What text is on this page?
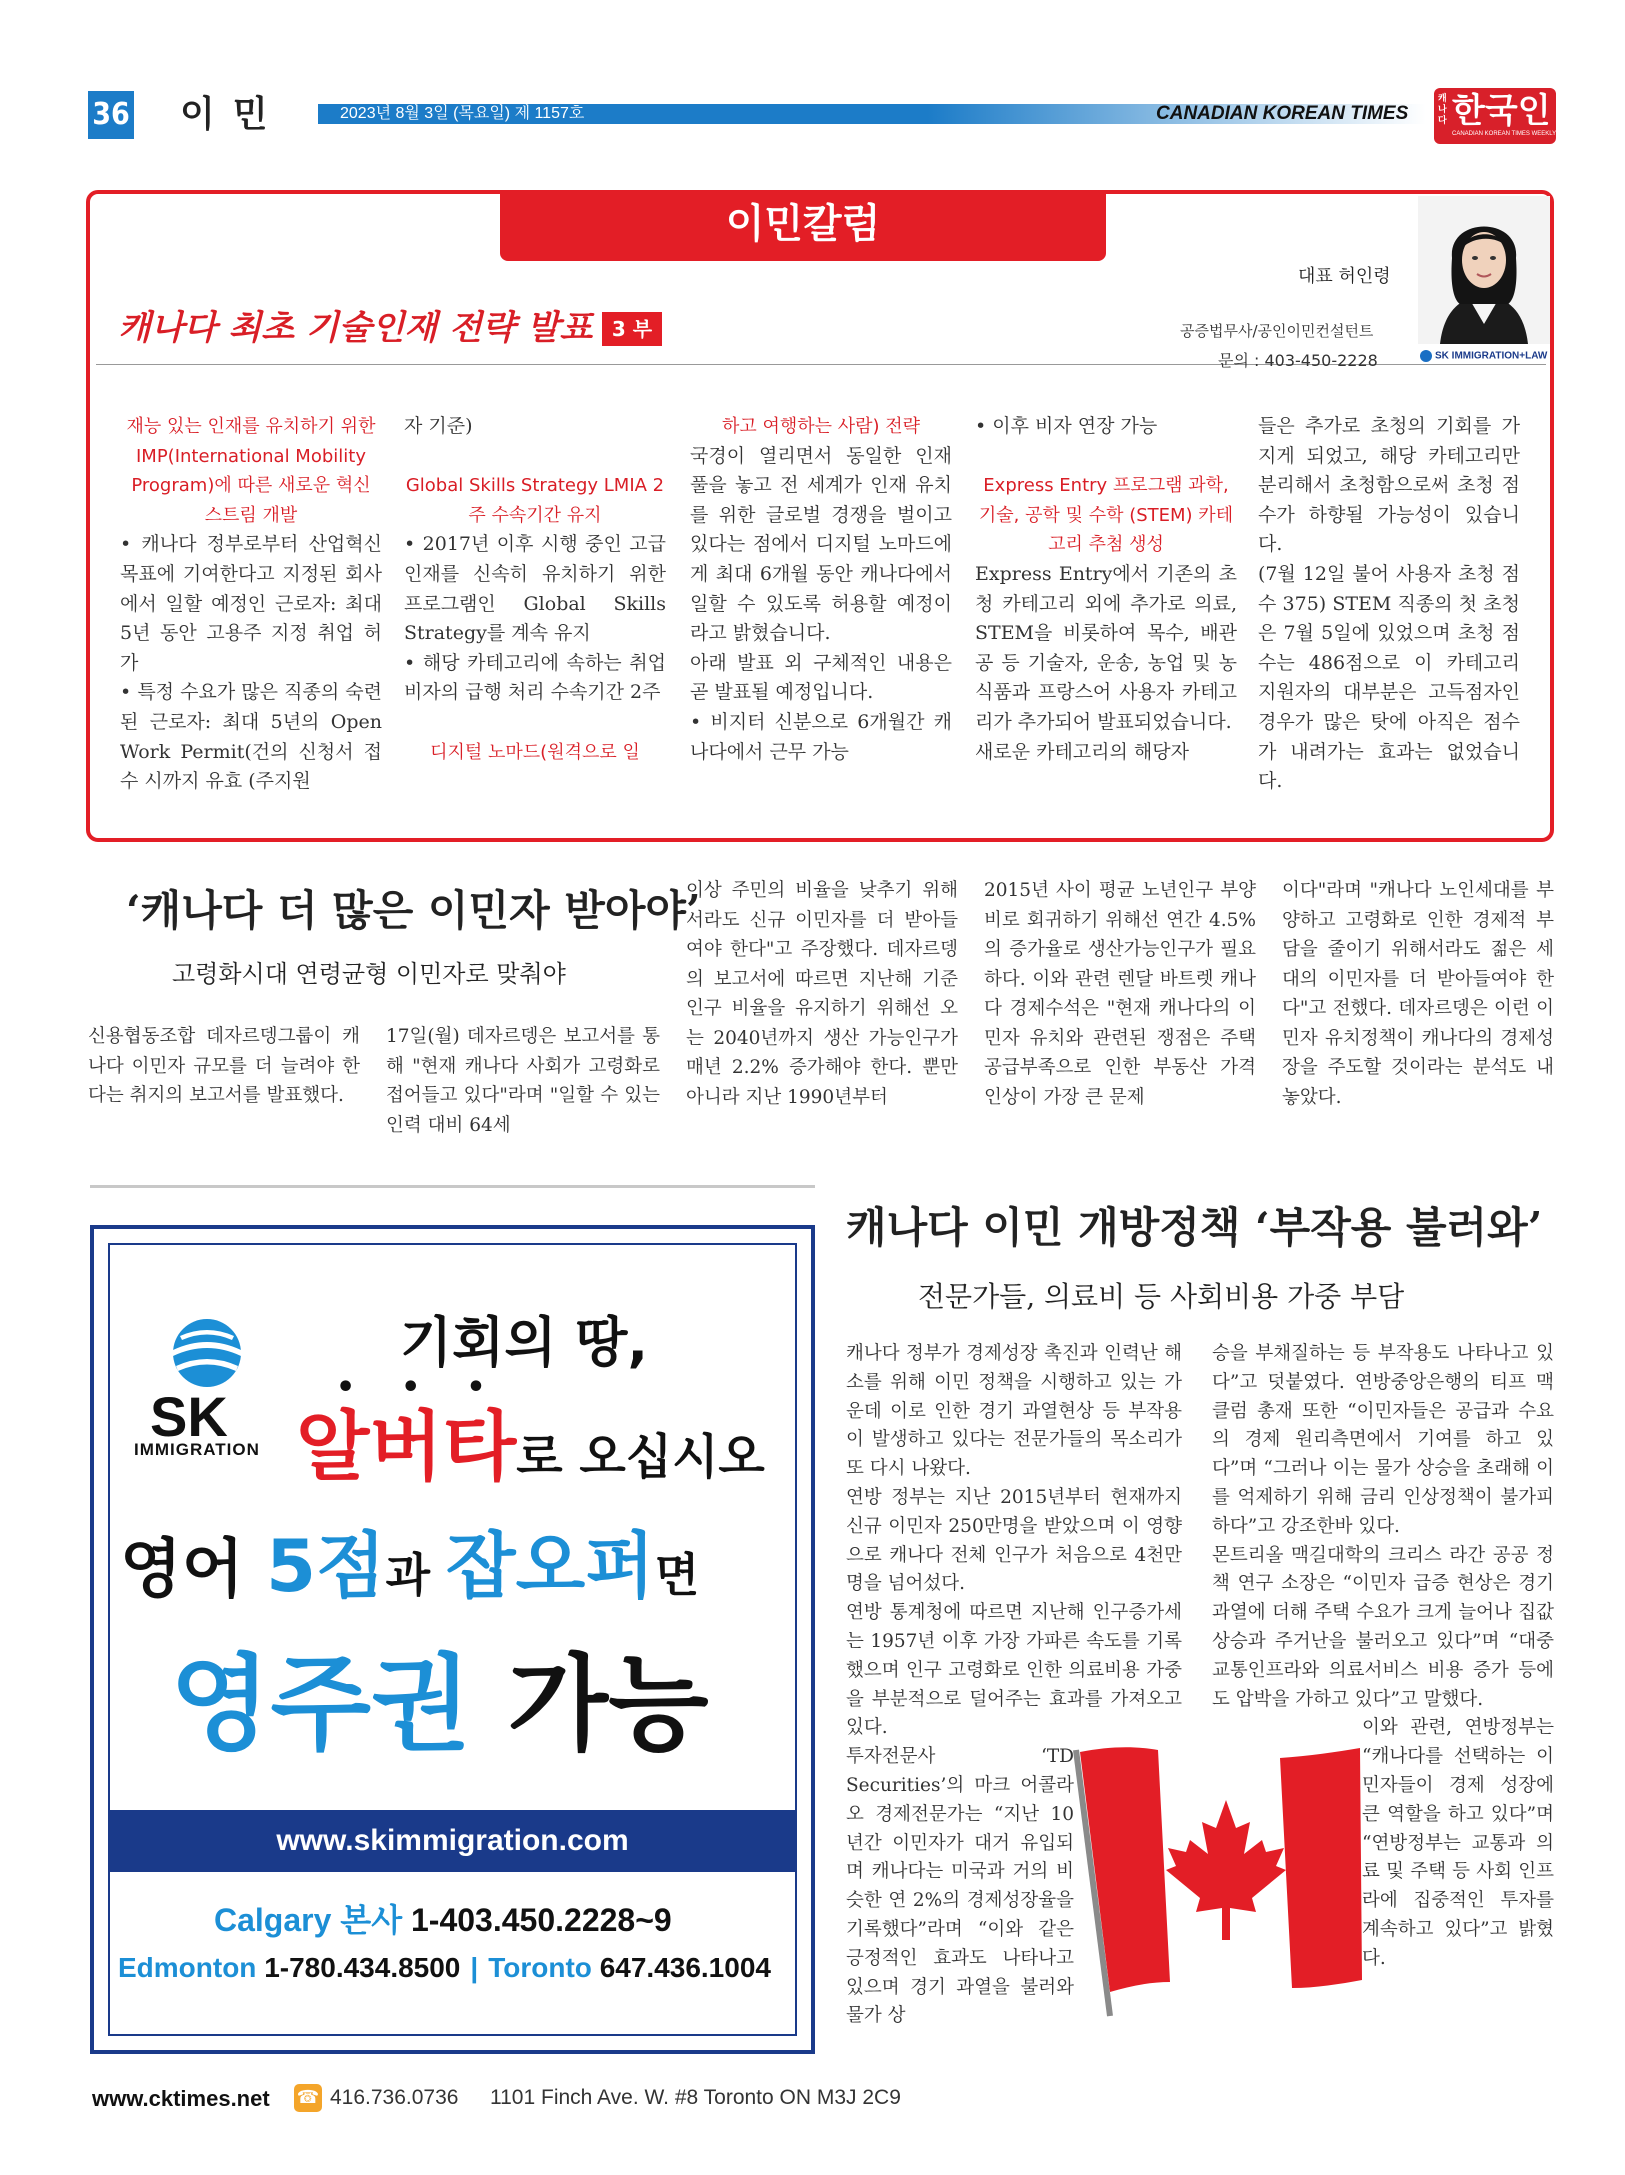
36 이민	2023년 8월 3일 (목요일) 제 1157호	CANADIAN KOREAN TIMES
캐나다 한국인
CANADIAN KOREAN TIMES WEEKLY
이민칼럼
캐나다 최초 기술인재 전략 발표 3 부
대표 허인령
공증법무사/공인이민컨설턴트
문의 : 403-450-2228	SK IMMIGRATION+LAW

재능 있는 인재를 유치하기 위한 IMP(International Mobility Program)에 따른 새로운 혁신 스트림 개발

• 캐나다 정부로부터 산업혁신 목표에 기여한다고 지정된 회사에서 일할 예정인 근로자: 최대 5년 동안 고용주 지정 취업 허가

• 특정 수요가 많은 직종의 숙련된 근로자: 최대 5년의 Open Work Permit(건의 신청서 접수 시까지 유효 (주지원

자 기준)

Global Skills Strategy LMIA 2주 수속기간 유지

• 2017년 이후 시행 중인 고급 인재를 신속히 유치하기 위한 프로그램인 Global Skills Strategy를 계속 유지

• 해당 카테고리에 속하는 취업 비자의 급행 처리 수속기간 2주

디지털 노마드(원격으로 일

하고 여행하는 사람) 전략

국경이 열리면서 동일한 인재 풀을 놓고 전 세계가 인재 유치를 위한 글로벌 경쟁을 벌이고 있다는 점에서 디지털 노마드에게 최대 6개월 동안 캐나다에서 일할 수 있도록 허용할 예정이라고 밝혔습니다.

아래 발표 외 구체적인 내용은 곧 발표될 예정입니다.

• 비지터 신분으로 6개월간 캐나다에서 근무 가능

• 이후 비자 연장 가능

Express Entry 프로그램 과학, 기술, 공학 및 수학 (STEM) 카테고리 추첨 생성

Express Entry에서 기존의 초청 카테고리 외에 추가로 의료, STEM을 비롯하여 목수, 배관공 등 기술자, 운송, 농업 및 농식품과 프랑스어 사용자 카테고리가 추가되어 발표되었습니다.

새로운 카테고리의 해당자

들은 추가로 초청의 기회를 가지게 되었고, 해당 카테고리만 분리해서 초청함으로써 초청 점수가 하향될 가능성이 있습니다.

(7월 12일 불어 사용자 초청 점수 375) STEM 직종의 첫 초청은 7월 5일에 있었으며 초청 점수는 486점으로 이 카테고리 지원자의 대부분은 고득점자인 경우가 많은 탓에 아직은 점수가 내려가는 효과는 없었습니다.

‘캐나다 더 많은 이민자 받아야’
고령화시대 연령균형 이민자로 맞춰야
신용협동조합 데자르뎅그룹이 캐나다 이민자 규모를 더 늘려야 한다는 취지의 보고서를 발표했다.
17일(월) 데자르뎅은 보고서를 통해 "현재 캐나다 사회가 고령화로 접어들고 있다"라며 "일할 수 있는 인력 대비 64세
이상 주민의 비율을 낮추기 위해서라도 신규 이민자를 더 받아들여야 한다"고 주장했다. 데자르뎅의 보고서에 따르면 지난해 기준 인구 비율을 유지하기 위해선 오는 2040년까지 생산 가능인구가 매년 2.2% 증가해야 한다. 뿐만 아니라 지난 1990년부터
2015년 사이 평균 노년인구 부양비로 회귀하기 위해선 연간 4.5%의 증가율로 생산가능인구가 필요하다. 이와 관련 렌달 바트렛 캐나다 경제수석은 "현재 캐나다의 이민자 유치와 관련된 쟁점은 주택 공급부족으로 인한 부동산 가격 인상이 가장 큰 문제
이다"라며 "캐나다 노인세대를 부양하고 고령화로 인한 경제적 부담을 줄이기 위해서라도 젊은 세대의 이민자를 더 받아들여야 한다"고 전했다. 데자르뎅은 이런 이민자 유치정책이 캐나다의 경제성장을 주도할 것이라는 분석도 내놓았다.
SK
IMMIGRATION
기회의 땅,
•••
알버타로 오십시오
영어 5점과 잡오퍼면
영주권 가능
www.skimmigration.com
Calgary 본사 1-403.450.2228~9
Edmonton 1-780.434.8500 | Toronto 647.436.1004
캐나다 이민 개방정책 ‘부작용 불러와’
전문가들, 의료비 등 사회비용 가중 부담

캐나다 정부가 경제성장 촉진과 인력난 해소를 위해 이민 정책을 시행하고 있는 가운데 이로 인한 경기 과열현상 등 부작용이 발생하고 있다는 전문가들의 목소리가 또 다시 나왔다.

연방 정부는 지난 2015년부터 현재까지 신규 이민자 250만명을 받았으며 이 영향으로 캐나다 전체 인구가 처음으로 4천만명을 넘어섰다.

연방 통계청에 따르면 지난해 인구증가세는 1957년 이후 가장 가파른 속도를 기록했으며 인구 고령화로 인한 의료비용 가중을 부분적으로 덜어주는 효과를 가져오고 있다.

투자전문사 ‘TD Securities’의 마크 어콜라오 경제전문가는 “지난 10년간 이민자가 대거 유입되며 캐나다는 미국과 거의 비슷한 연 2%의 경제성장율을 기록했다”라며 “이와 같은 긍정적인 효과도 나타나고 있으며 경기 과열을 불러와 물가 상

승을 부채질하는 등 부작용도 나타나고 있다”고 덧붙였다. 연방중앙은행의 티프 맥클럼 총재 또한 “이민자들은 공급과 수요의 경제 원리측면에서 기여를 하고 있다”며 “그러나 이는 물가 상승을 초래해 이를 억제하기 위해 금리 인상정책이 불가피하다”고 강조한바 있다.

몬트리올 맥길대학의 크리스 라간 공공 정책 연구 소장은 “이민자 급증 현상은 경기 과열에 더해 주택 수요가 크게 늘어나 집값 상승과 주거난을 불러오고 있다”며 “대중 교통인프라와 의료서비스 비용 증가 등에도 압박을 가하고 있다”고 말했다.

이와 관련, 연방정부는 “캐나다를 선택하는 이민자들이 경제 성장에 큰 역할을 하고 있다”며 “연방정부는 교통과 의료 및 주택 등 사회 인프라에 집중적인 투자를 계속하고 있다”고 밝혔다.

www.cktimes.net ☎ 416.736.0736 1101 Finch Ave. W. #8 Toronto ON M3J 2C9
